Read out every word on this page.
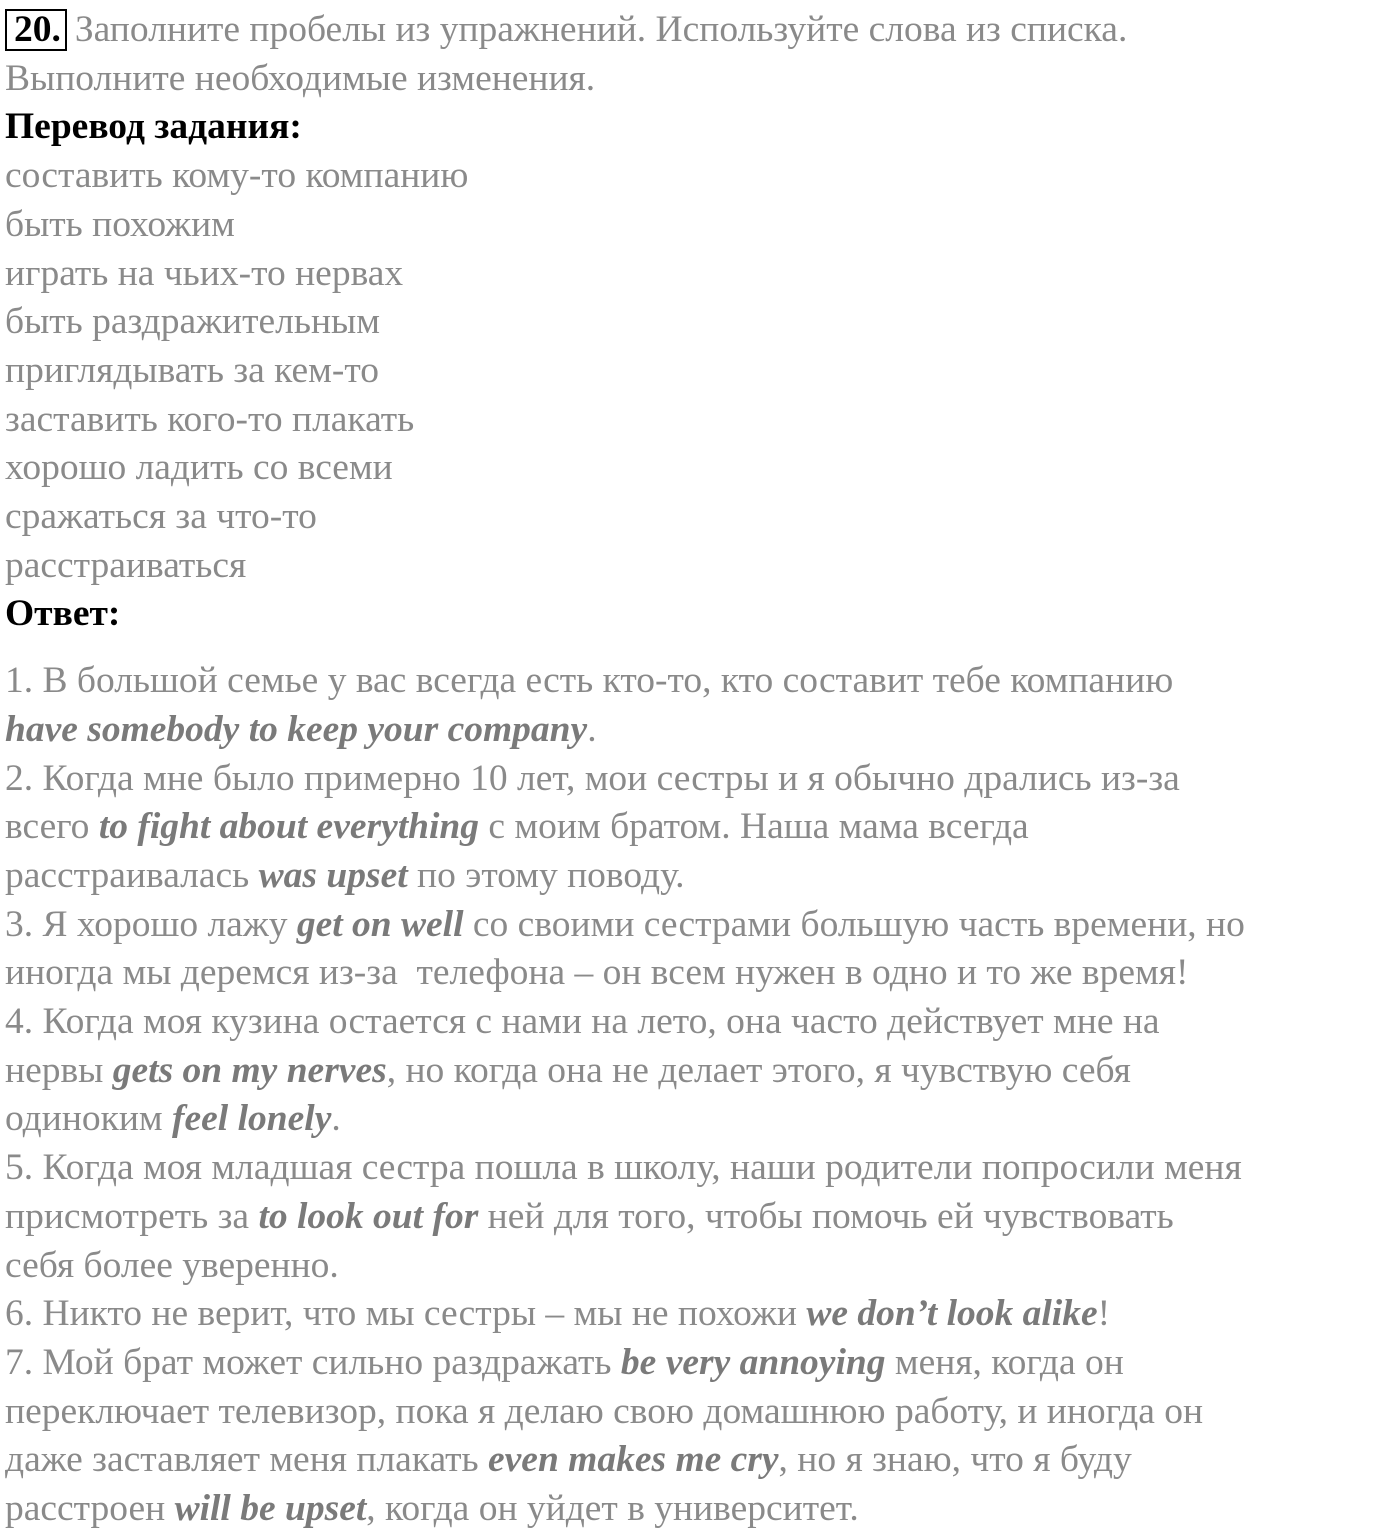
20. Заполните пробелы из упражнений. Используйте слова из списка.
Выполните необходимые изменения.
Перевод задания:
составить кому-то компанию
быть похожим
играть на чьих-то нервах
быть раздражительным
приглядывать за кем-то
заставить кого-то плакать
хорошо ладить со всеми
сражаться за что-то
расстраиваться
Ответ:
1. В большой семье у вас всегда есть кто-то, кто составит тебе компанию
have somebody to keep your company.
2. Когда мне было примерно 10 лет, мои сестры и я обычно дрались из-за
всего to fight about everything с моим братом. Наша мама всегда
расстраивалась was upset по этому поводу.
3. Я хорошо лажу get on well со своими сестрами большую часть времени, но
иногда мы деремся из-за  телефона – он всем нужен в одно и то же время!
4. Когда моя кузина остается с нами на лето, она часто действует мне на
нервы gets on my nerves, но когда она не делает этого, я чувствую себя
одиноким feel lonely.
5. Когда моя младшая сестра пошла в школу, наши родители попросили меня
присмотреть за to look out for ней для того, чтобы помочь ей чувствовать
себя более уверенно.
6. Никто не верит, что мы сестры – мы не похожи we don’t look alike!
7. Мой брат может сильно раздражать be very annoying меня, когда он
переключает телевизор, пока я делаю свою домашнюю работу, и иногда он
даже заставляет меня плакать even makes me cry, но я знаю, что я буду
расстроен will be upset, когда он уйдет в университет.
